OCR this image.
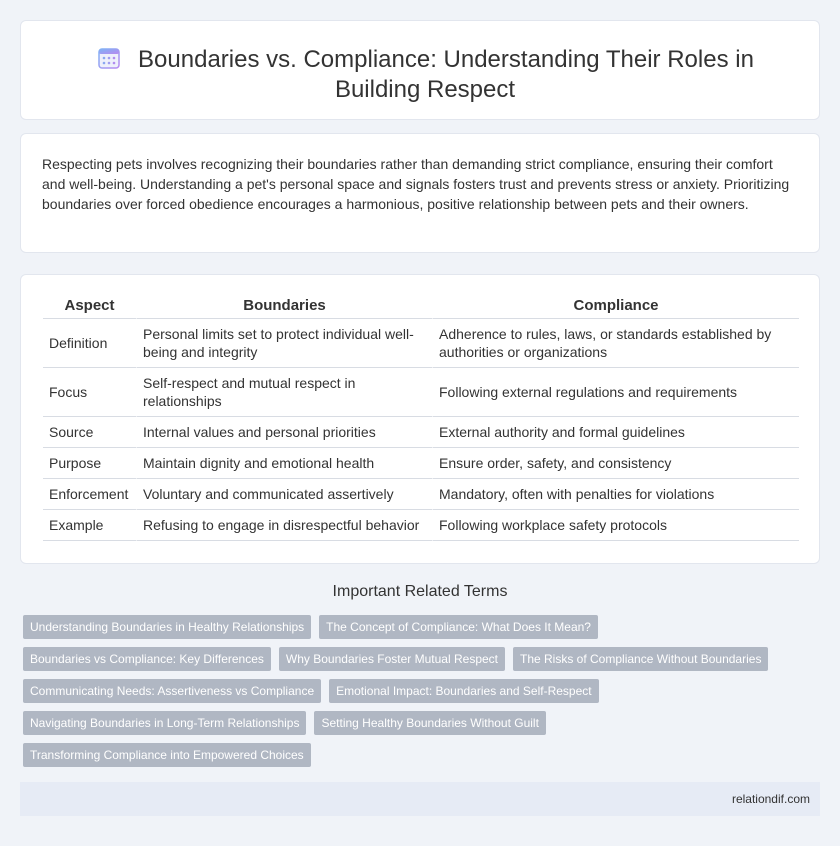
Boundaries vs. Compliance: Understanding Their Roles in Building Respect

Respecting pets involves recognizing their boundaries rather than demanding strict compliance, ensuring their comfort and well-being. Understanding a pet's personal space and signals fosters trust and prevents stress or anxiety. Prioritizing boundaries over forced obedience encourages a harmonious, positive relationship between pets and their owners.

Aspect	Boundaries	Compliance
Definition	Personal limits set to protect individual well-being and integrity	Adherence to rules, laws, or standards established by authorities or organizations
Focus	Self-respect and mutual respect in relationships	Following external regulations and requirements
Source	Internal values and personal priorities	External authority and formal guidelines
Purpose	Maintain dignity and emotional health	Ensure order, safety, and consistency
Enforcement	Voluntary and communicated assertively	Mandatory, often with penalties for violations
Example	Refusing to engage in disrespectful behavior	Following workplace safety protocols
Important Related Terms
Understanding Boundaries in Healthy Relationships	The Concept of Compliance: What Does It Mean?
Boundaries vs Compliance: Key Differences	Why Boundaries Foster Mutual Respect	The Risks of Compliance Without Boundaries
Communicating Needs: Assertiveness vs Compliance	Emotional Impact: Boundaries and Self-Respect
Navigating Boundaries in Long-Term Relationships	Setting Healthy Boundaries Without Guilt
Transforming Compliance into Empowered Choices
relationdif.com
